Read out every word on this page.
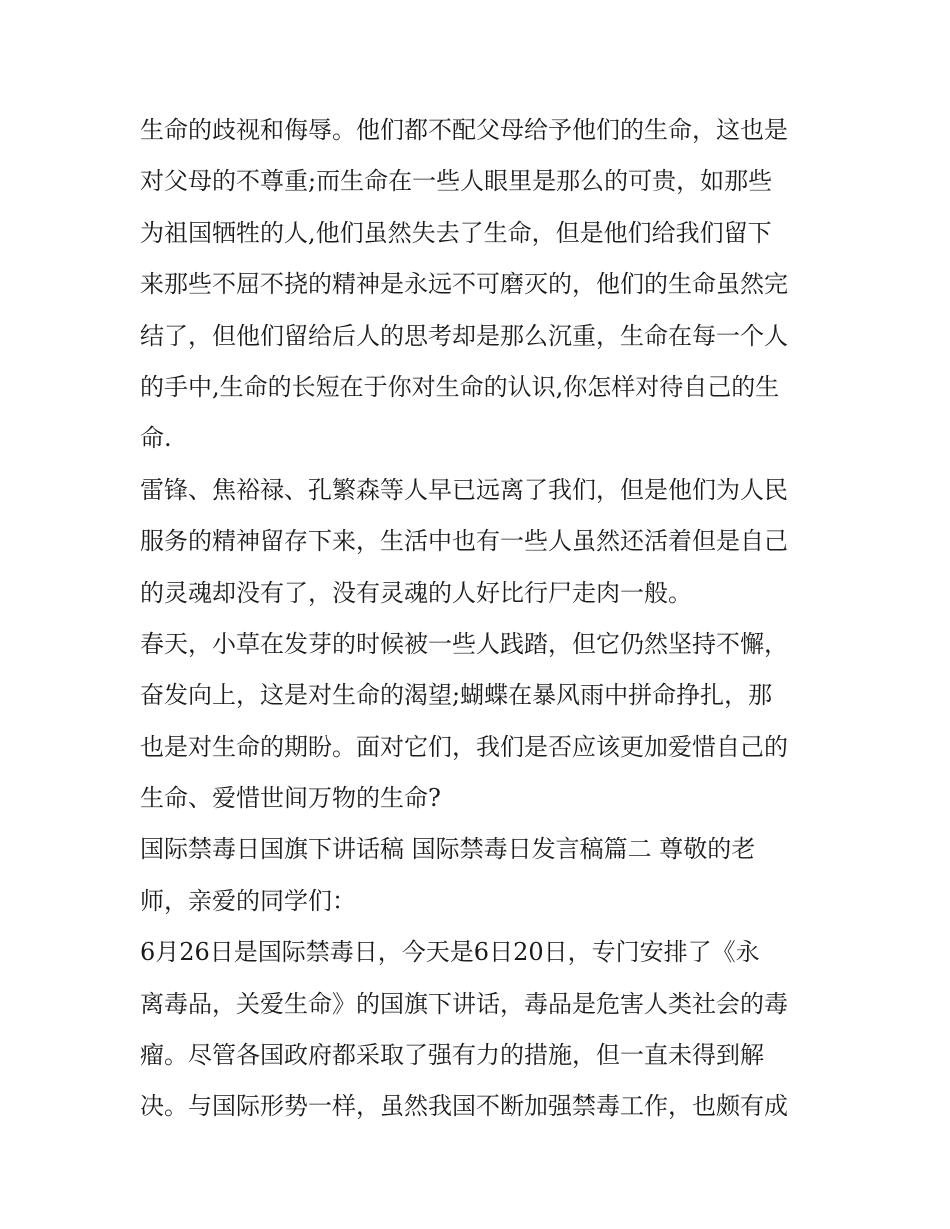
生命的歧视和侮辱。他们都不配父母给予他们的生命，这也是
对父母的不尊重;而生命在一些人眼里是那么的可贵，如那些
为祖国牺牲的人,他们虽然失去了生命，但是他们给我们留下
来那些不屈不挠的精神是永远不可磨灭的，他们的生命虽然完
结了，但他们留给后人的思考却是那么沉重，生命在每一个人
的手中,生命的长短在于你对生命的认识,你怎样对待自己的生
命.
雷锋、焦裕禄、孔繁森等人早已远离了我们，但是他们为人民
服务的精神留存下来，生活中也有一些人虽然还活着但是自己
的灵魂却没有了，没有灵魂的人好比行尸走肉一般。
春天，小草在发芽的时候被一些人践踏，但它仍然坚持不懈，
奋发向上，这是对生命的渴望;蝴蝶在暴风雨中拼命挣扎，那
也是对生命的期盼。面对它们，我们是否应该更加爱惜自己的
生命、爱惜世间万物的生命?
国际禁毒日国旗下讲话稿 国际禁毒日发言稿篇二 尊敬的老
师，亲爱的同学们：
6月26日是国际禁毒日，今天是6日20日，专门安排了《永
离毒品，关爱生命》的国旗下讲话，毒品是危害人类社会的毒
瘤。尽管各国政府都采取了强有力的措施，但一直未得到解
决。与国际形势一样，虽然我国不断加强禁毒工作，也颇有成
